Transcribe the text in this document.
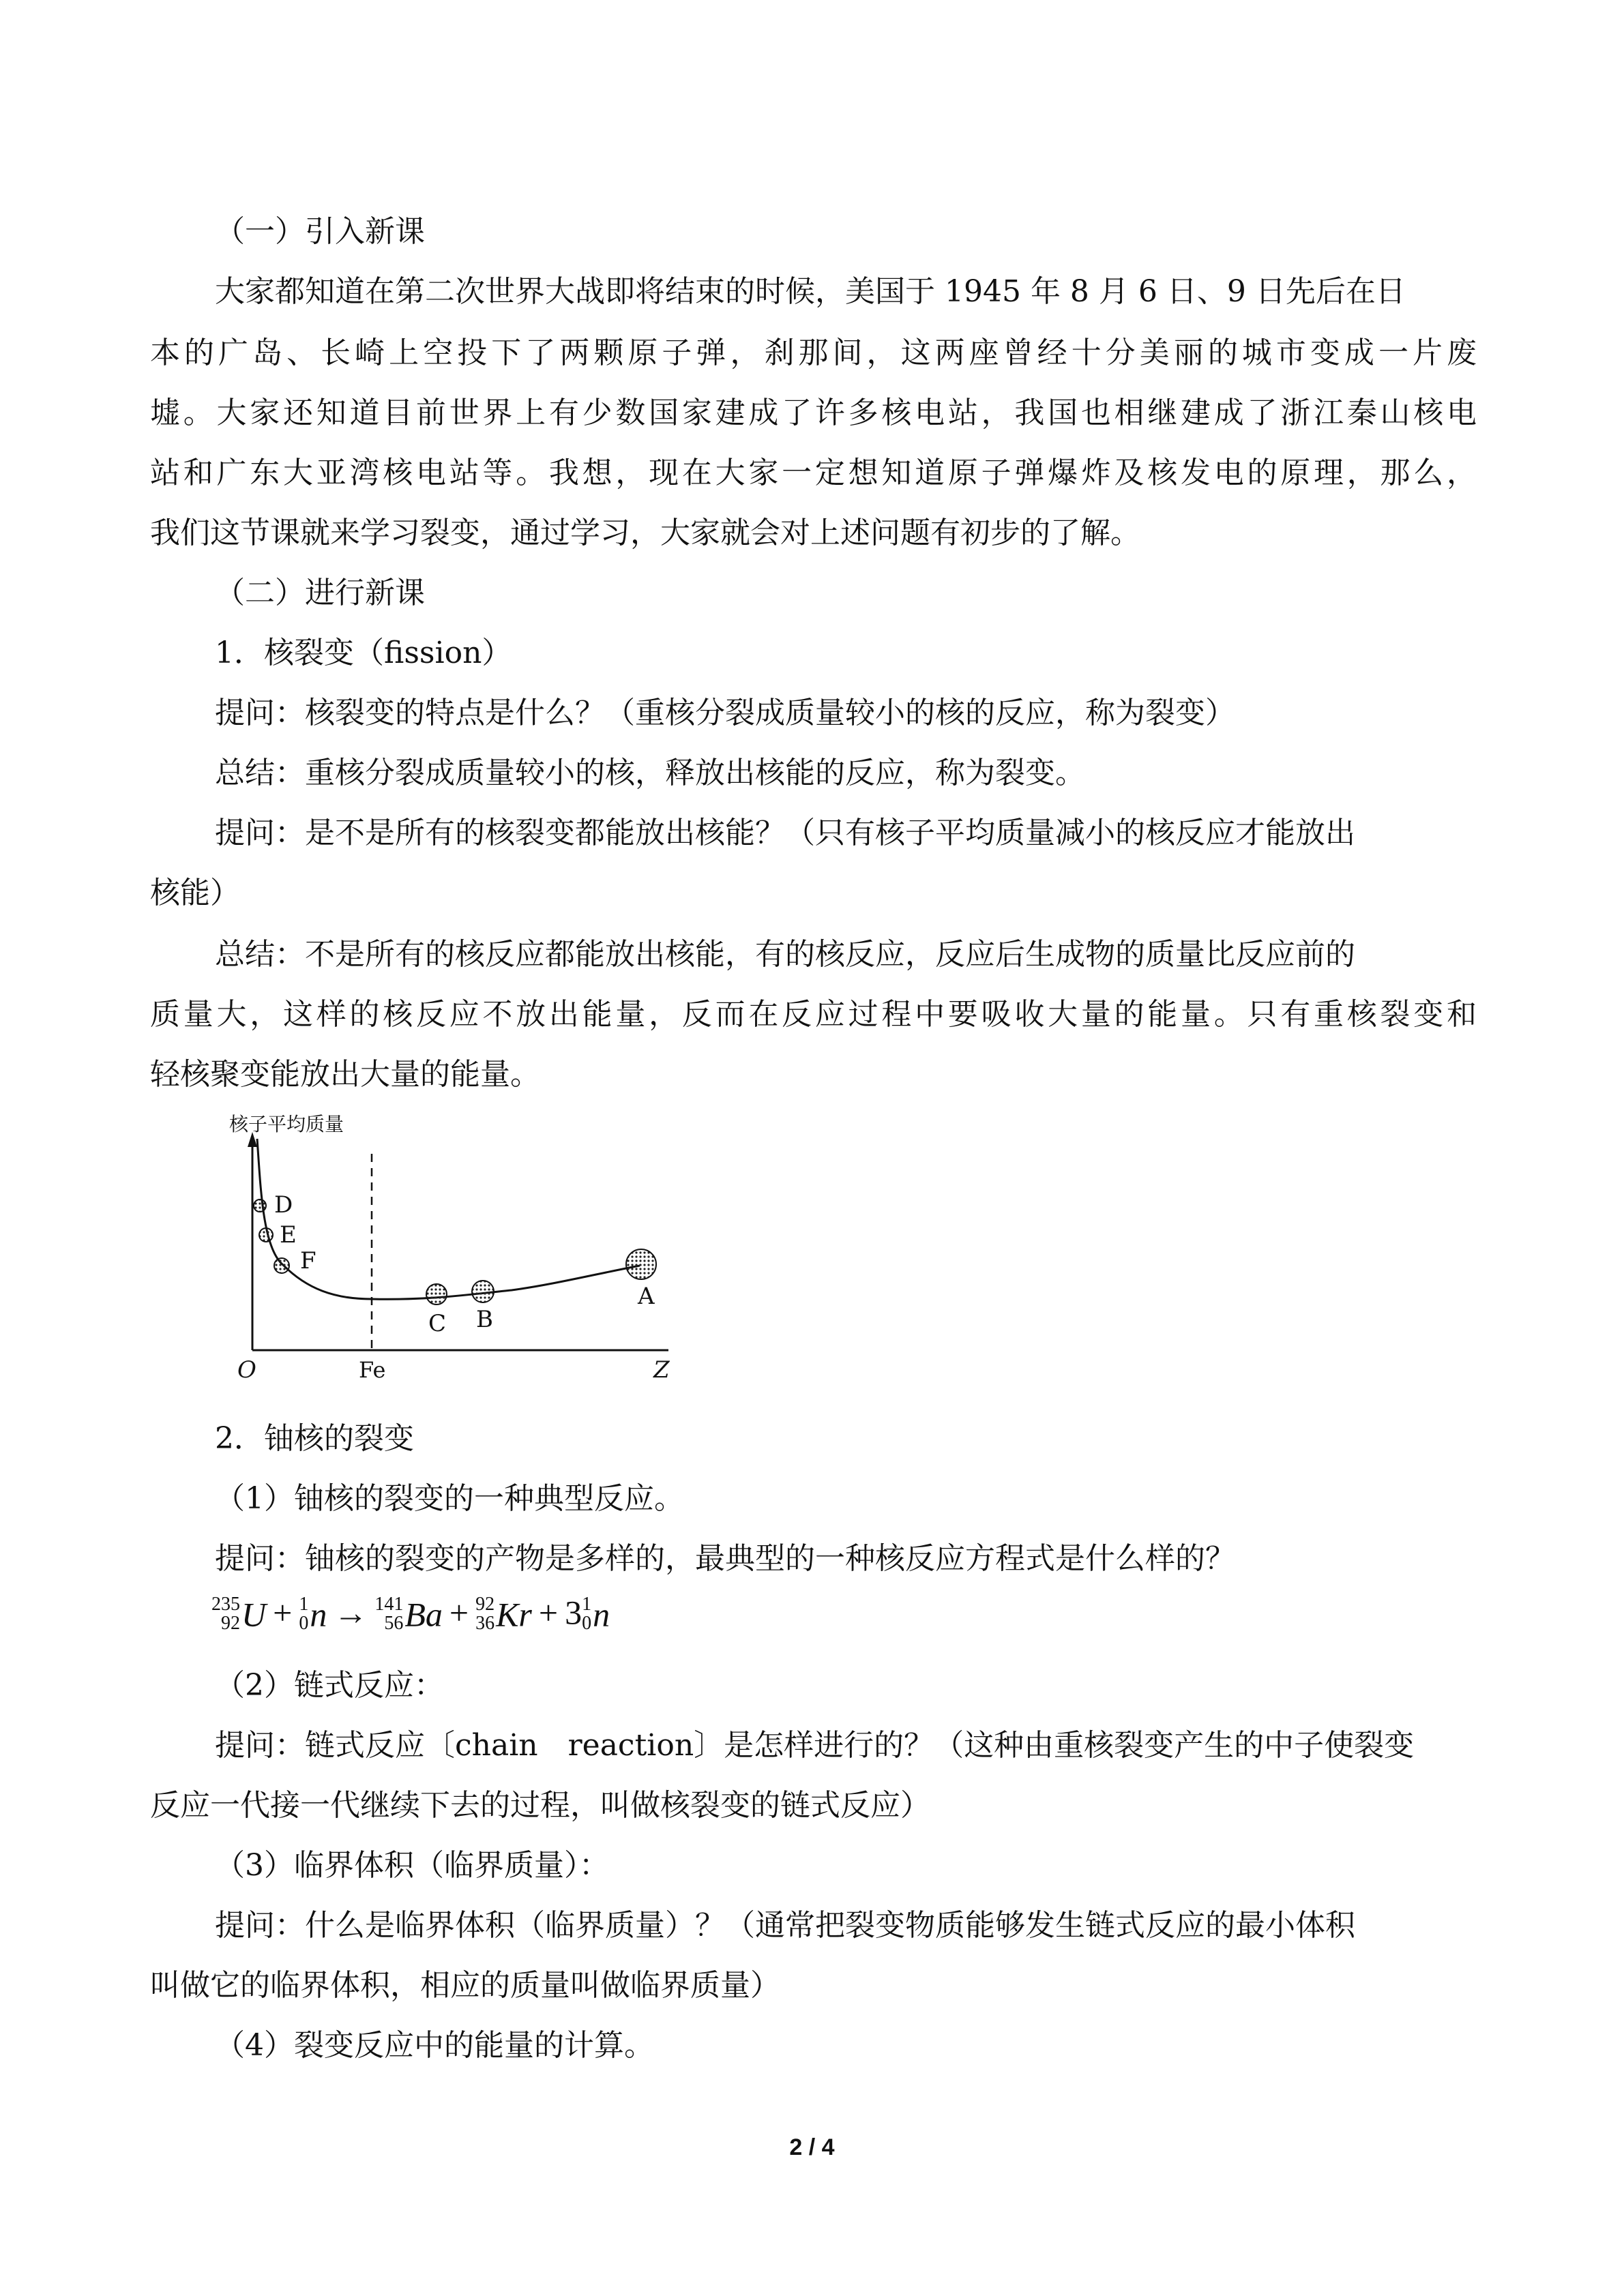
（一）引入新课
大家都知道在第二次世界大战即将结束的时候，美国于 1945 年 8 月 6 日、9 日先后在日
本的广岛、长崎上空投下了两颗原子弹，刹那间，这两座曾经十分美丽的城市变成一片废
墟。大家还知道目前世界上有少数国家建成了许多核电站，我国也相继建成了浙江秦山核电
站和广东大亚湾核电站等。我想，现在大家一定想知道原子弹爆炸及核发电的原理，那么，
我们这节课就来学习裂变，通过学习，大家就会对上述问题有初步的了解。
（二）进行新课
1．核裂变（fission）
提问：核裂变的特点是什么？（重核分裂成质量较小的核的反应，称为裂变）
总结：重核分裂成质量较小的核，释放出核能的反应，称为裂变。
提问：是不是所有的核裂变都能放出核能？（只有核子平均质量减小的核反应才能放出
核能）
总结：不是所有的核反应都能放出核能，有的核反应，反应后生成物的质量比反应前的
质量大，这样的核反应不放出能量，反而在反应过程中要吸收大量的能量。只有重核裂变和
轻核聚变能放出大量的能量。
2．铀核的裂变
（1）铀核的裂变的一种典型反应。
提问：铀核的裂变的产物是多样的，最典型的一种核反应方程式是什么样的？
（2）链式反应：
提问：链式反应〔chain　reaction〕是怎样进行的？（这种由重核裂变产生的中子使裂变
反应一代接一代继续下去的过程，叫做核裂变的链式反应）
（3）临界体积（临界质量）：
提问：什么是临界体积（临界质量）？（通常把裂变物质能够发生链式反应的最小体积
叫做它的临界体积，相应的质量叫做临界质量）
（4）裂变反应中的能量的计算。
核子平均质量
D
E
F
C B
A
O	Fe	Z
235
92 U + 1
0 n → 141
56 Ba + 92
36 Kr + 3 1
0 n
2 / 4
